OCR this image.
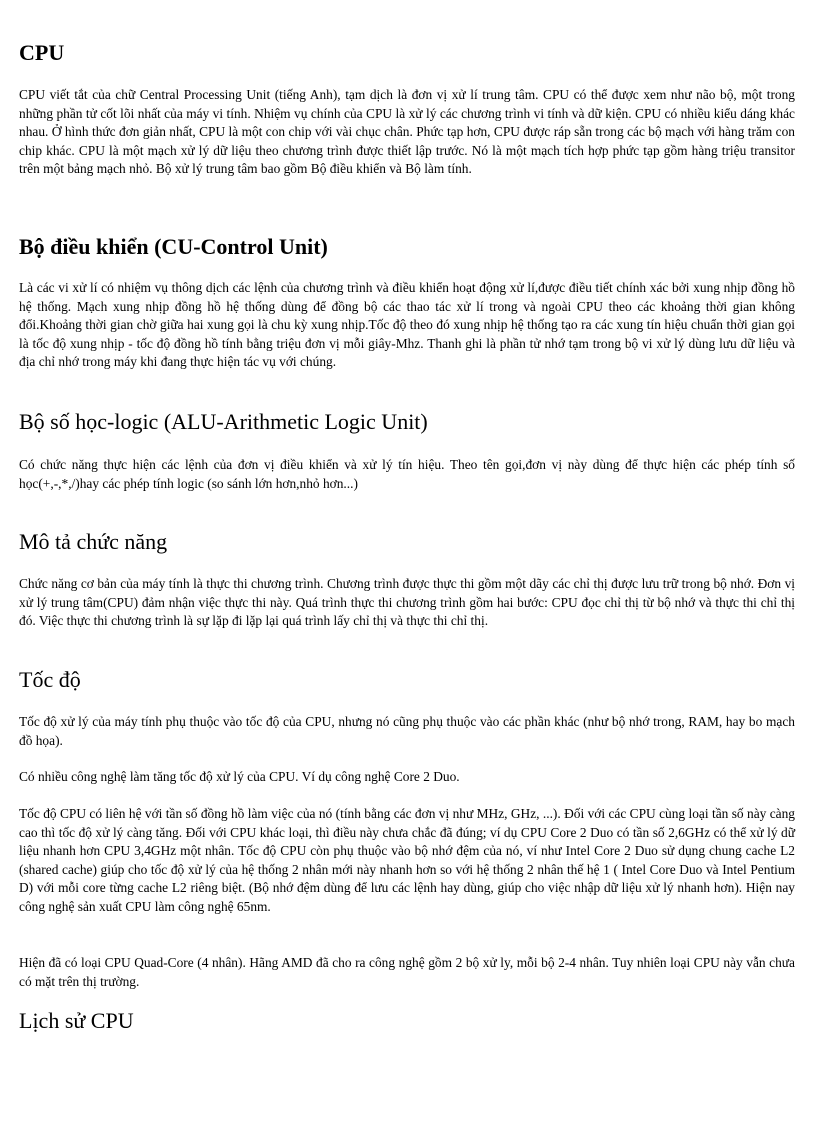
CPU

CPU viết tắt của chữ Central Processing Unit (tiếng Anh), tạm dịch là đơn vị xử lí trung tâm. CPU có thể được xem như não bộ, một trong những phần tử cốt lõi nhất của máy vi tính. Nhiệm vụ chính của CPU là xử lý các chương trình vi tính và dữ kiện. CPU có nhiều kiểu dáng khác nhau. Ở hình thức đơn giản nhất, CPU là một con chip với vài chục chân. Phức tạp hơn, CPU được ráp sẵn trong các bộ mạch với hàng trăm con chip khác. CPU là một mạch xử lý dữ liệu theo chương trình được thiết lập trước. Nó là một mạch tích hợp phức tạp gồm hàng triệu transitor trên một bảng mạch nhỏ. Bộ xử lý trung tâm bao gồm Bộ điều khiển và Bộ làm tính.

Bộ điều khiển (CU-Control Unit)

Là các vi xử lí có nhiệm vụ thông dịch các lệnh của chương trình và điều khiển hoạt động xử lí,được điều tiết chính xác bởi xung nhịp đồng hồ hệ thống. Mạch xung nhịp đồng hồ hệ thống dùng để đồng bộ các thao tác xử lí trong và ngoài CPU theo các khoảng thời gian không đổi.Khoảng thời gian chờ giữa hai xung gọi là chu kỳ xung nhịp.Tốc độ theo đó xung nhịp hệ thống tạo ra các xung tín hiệu chuẩn thời gian gọi là tốc độ xung nhịp - tốc độ đồng hồ tính bằng triệu đơn vị mỗi giây-Mhz. Thanh ghi là phần tử nhớ tạm trong bộ vi xử lý dùng lưu dữ liệu và địa chỉ nhớ trong máy khi đang thực hiện tác vụ với chúng.

Bộ số học-logic (ALU-Arithmetic Logic Unit)

Có chức năng thực hiện các lệnh của đơn vị điều khiển và xử lý tín hiệu. Theo tên gọi,đơn vị này dùng để thực hiện các phép tính số học(+,-,*,/)hay các phép tính logic (so sánh lớn hơn,nhỏ hơn...)

Mô tả chức năng

Chức năng cơ bản của máy tính là thực thi chương trình. Chương trình được thực thi gồm một dãy các chỉ thị được lưu trữ trong bộ nhớ. Đơn vị xử lý trung tâm(CPU) đảm nhận việc thực thi này. Quá trình thực thi chương trình gồm hai bước: CPU đọc chỉ thị từ bộ nhớ và thực thi chỉ thị đó. Việc thực thi chương trình là sự lặp đi lặp lại quá trình lấy chỉ thị và thực thi chỉ thị.

Tốc độ

Tốc độ xử lý của máy tính phụ thuộc vào tốc độ của CPU, nhưng nó cũng phụ thuộc vào các phần khác (như bộ nhớ trong, RAM, hay bo mạch đồ họa).

Có nhiều công nghệ làm tăng tốc độ xử lý của CPU. Ví dụ công nghệ Core 2 Duo.

Tốc độ CPU có liên hệ với tần số đồng hồ làm việc của nó (tính bằng các đơn vị như MHz, GHz, ...). Đối với các CPU cùng loại tần số này càng cao thì tốc độ xử lý càng tăng. Đối với CPU khác loại, thì điều này chưa chắc đã đúng; ví dụ CPU Core 2 Duo có tần số 2,6GHz có thể xử lý dữ liệu nhanh hơn CPU 3,4GHz một nhân. Tốc độ CPU còn phụ thuộc vào bộ nhớ đệm của nó, ví như Intel Core 2 Duo sử dụng chung cache L2 (shared cache) giúp cho tốc độ xử lý của hệ thống 2 nhân mới này nhanh hơn so với hệ thống 2 nhân thế hệ 1 ( Intel Core Duo và Intel Pentium D) với mỗi core từng cache L2 riêng biệt. (Bộ nhớ đệm dùng để lưu các lệnh hay dùng, giúp cho việc nhập dữ liệu xử lý nhanh hơn). Hiện nay công nghệ sản xuất CPU làm công nghệ 65nm.

Hiện đã có loại CPU Quad-Core (4 nhân). Hãng AMD đã cho ra công nghệ gồm 2 bộ xử ly, mỗi bộ 2-4 nhân. Tuy nhiên loại CPU này vẫn chưa có mặt trên thị trường.

Lịch sử CPU
